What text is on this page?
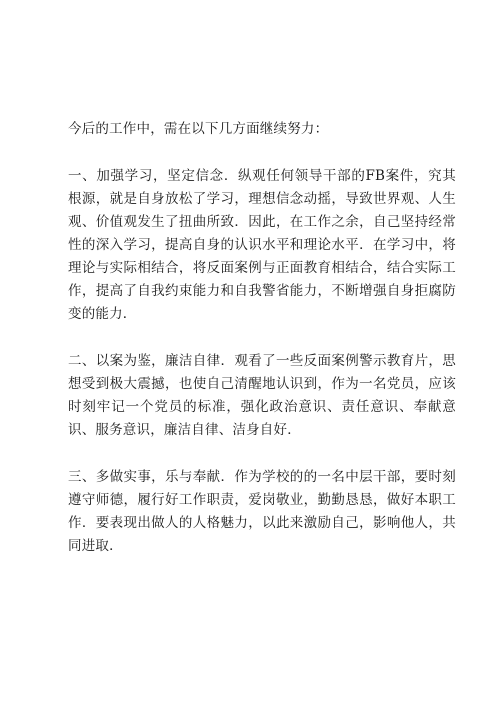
今后的工作中，需在以下几方面继续努力：

一、加强学习，坚定信念．纵观任何领导干部的FB案件，究其根源，就是自身放松了学习，理想信念动摇，导致世界观、人生观、价值观发生了扭曲所致．因此，在工作之余，自己坚持经常性的深入学习，提高自身的认识水平和理论水平．在学习中，将理论与实际相结合，将反面案例与正面教育相结合，结合实际工作，提高了自我约束能力和自我警省能力，不断增强自身拒腐防变的能力．

二、以案为鉴，廉洁自律．观看了一些反面案例警示教育片，思想受到极大震撼，也使自己清醒地认识到，作为一名党员，应该时刻牢记一个党员的标准，强化政治意识、责任意识、奉献意识、服务意识，廉洁自律、洁身自好．

三、多做实事，乐与奉献．作为学校的的一名中层干部，要时刻遵守师德，履行好工作职责，爱岗敬业，勤勤恳恳，做好本职工作．要表现出做人的人格魅力，以此来激励自己，影响他人，共同进取．
